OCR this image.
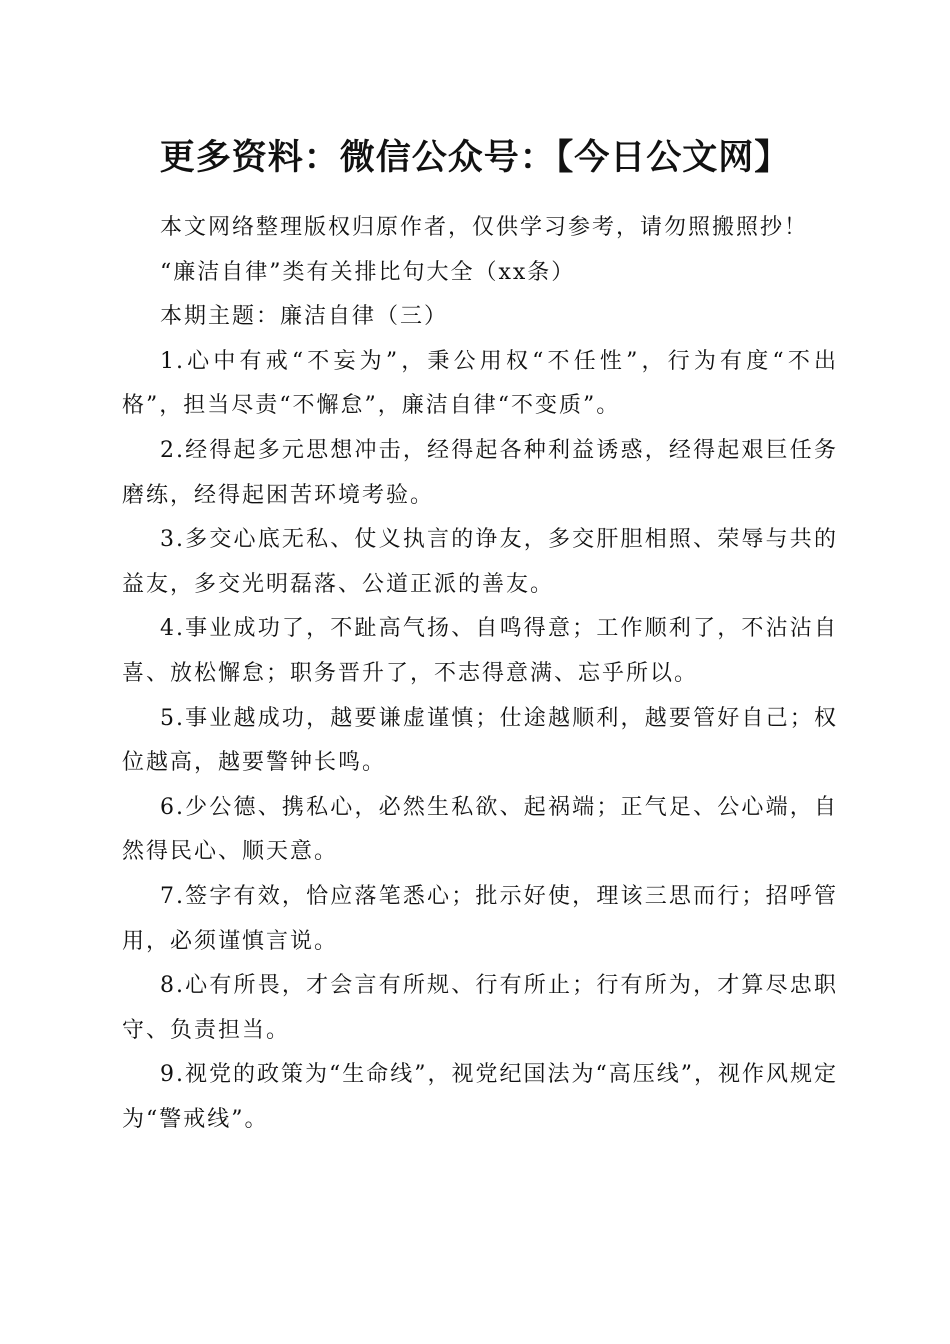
更多资料：微信公众号：【今日公文网】

本文网络整理版权归原作者，仅供学习参考，请勿照搬照抄！

“廉洁自律”类有关排比句大全（xx条）

本期主题：廉洁自律（三）

1.心中有戒“不妄为”，秉公用权“不任性”，行为有度“不出格”，担当尽责“不懈怠”，廉洁自律“不变质”。

2.经得起多元思想冲击，经得起各种利益诱惑，经得起艰巨任务磨练，经得起困苦环境考验。

3.多交心底无私、仗义执言的诤友，多交肝胆相照、荣辱与共的益友，多交光明磊落、公道正派的善友。

4.事业成功了，不趾高气扬、自鸣得意；工作顺利了，不沾沾自喜、放松懈怠；职务晋升了，不志得意满、忘乎所以。

5.事业越成功，越要谦虚谨慎；仕途越顺利，越要管好自己；权位越高，越要警钟长鸣。

6.少公德、携私心，必然生私欲、起祸端；正气足、公心端，自然得民心、顺天意。

7.签字有效，恰应落笔悉心；批示好使，理该三思而行；招呼管用，必须谨慎言说。

8.心有所畏，才会言有所规、行有所止；行有所为，才算尽忠职守、负责担当。

9.视党的政策为“生命线”，视党纪国法为“高压线”，视作风规定为“警戒线”。
